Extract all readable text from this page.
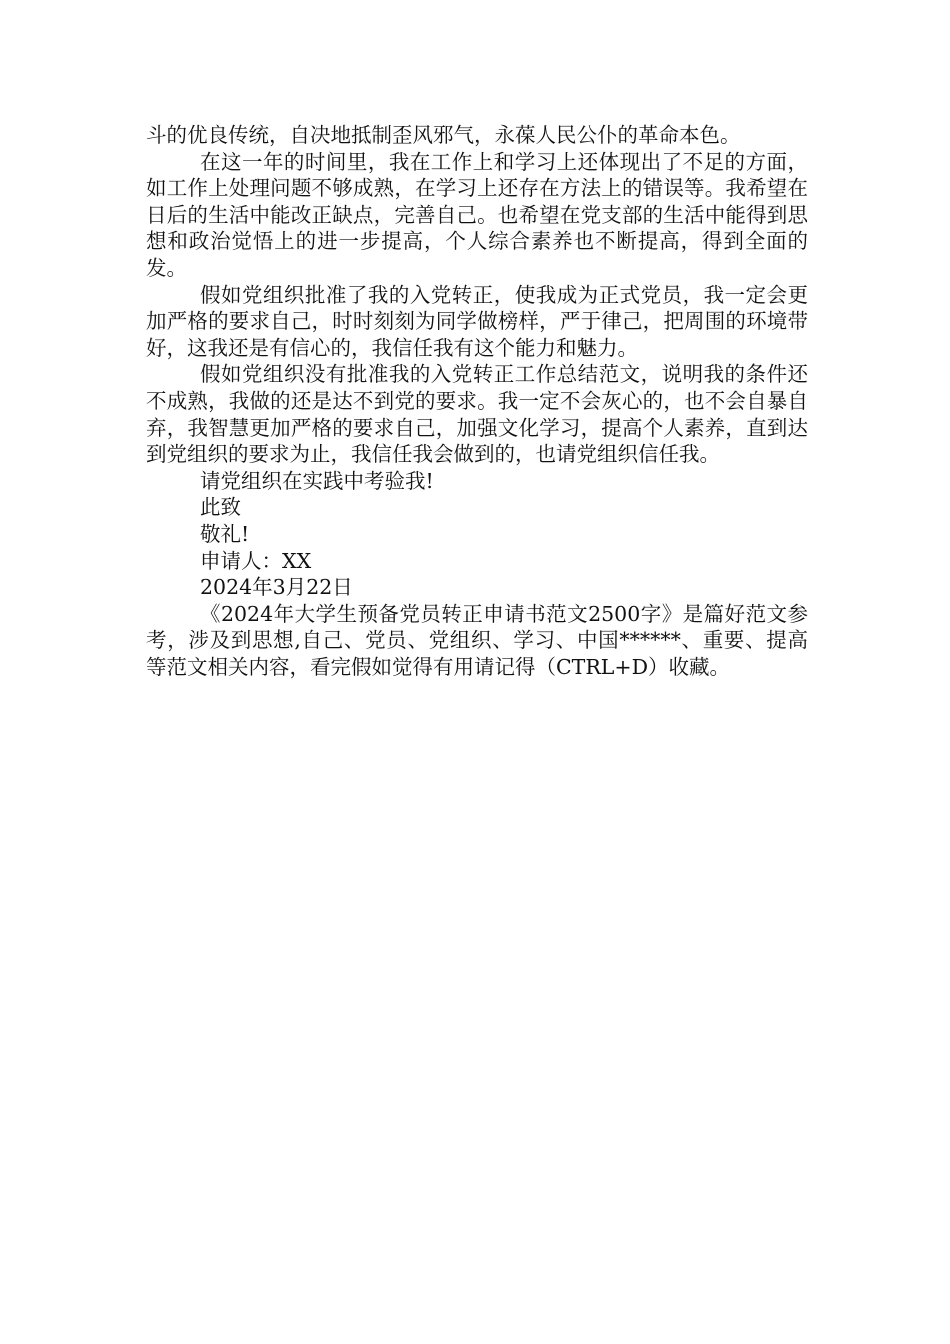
斗的优良传统，自决地抵制歪风邪气，永葆人民公仆的革命本色。

在这一年的时间里，我在工作上和学习上还体现出了不足的方面，如工作上处理问题不够成熟，在学习上还存在方法上的错误等。我希望在日后的生活中能改正缺点，完善自己。也希望在党支部的生活中能得到思想和政治觉悟上的进一步提高，个人综合素养也不断提高，得到全面的发。

假如党组织批准了我的入党转正，使我成为正式党员，我一定会更加严格的要求自己，时时刻刻为同学做榜样，严于律己，把周围的环境带好，这我还是有信心的，我信任我有这个能力和魅力。

假如党组织没有批准我的入党转正工作总结范文，说明我的条件还不成熟，我做的还是达不到党的要求。我一定不会灰心的，也不会自暴自弃，我智慧更加严格的要求自己，加强文化学习，提高个人素养，直到达到党组织的要求为止，我信任我会做到的，也请党组织信任我。

请党组织在实践中考验我!

此致

敬礼!

申请人：XX

2024年3月22日

《2024年大学生预备党员转正申请书范文2500字》是篇好范文参考，涉及到思想,自己、党员、党组织、学习、中国******、重要、提高等范文相关内容，看完假如觉得有用请记得（CTRL+D）收藏。
